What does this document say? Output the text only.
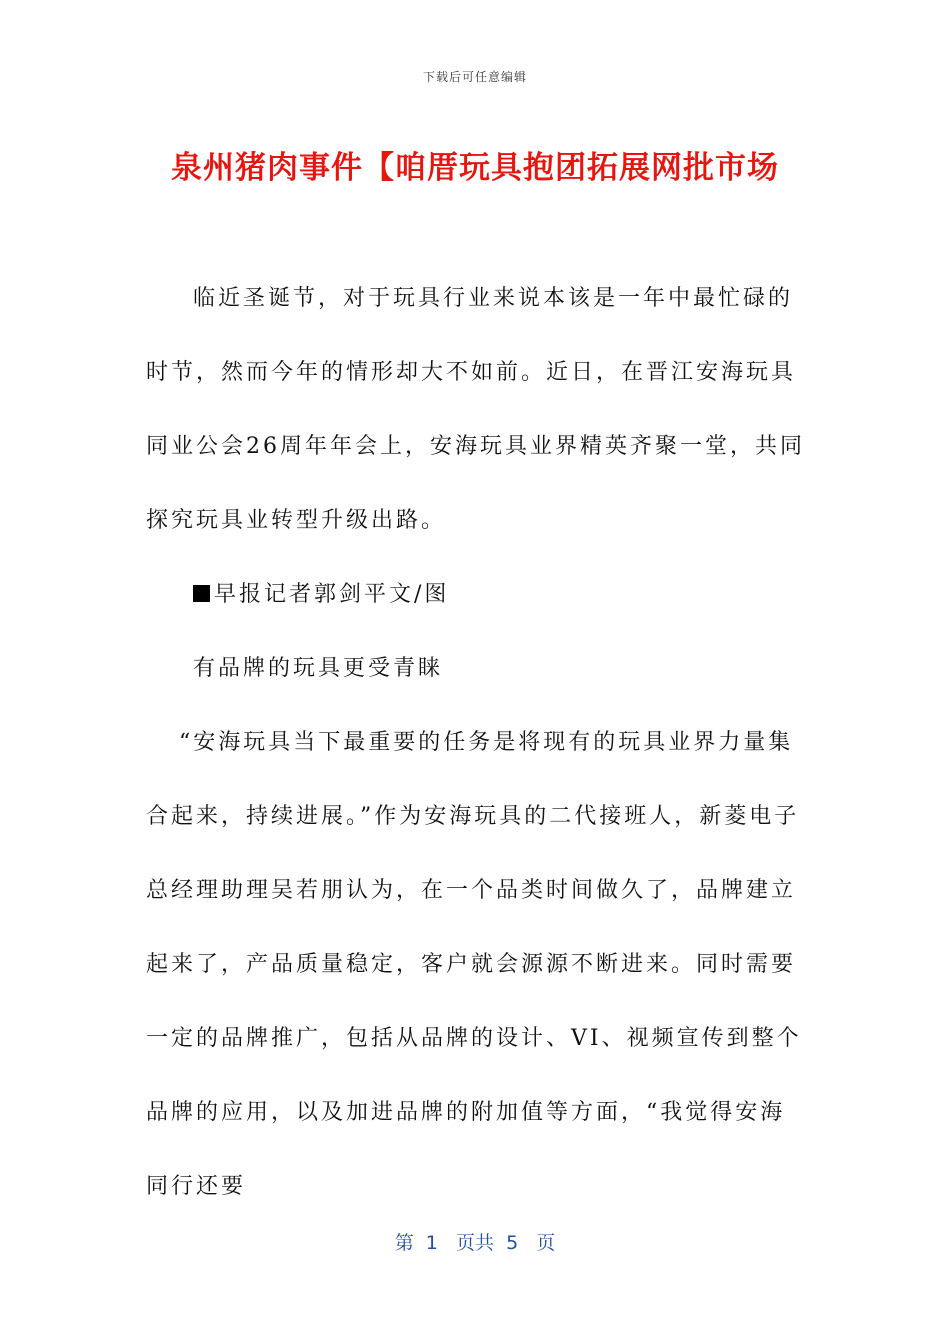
下载后可任意编辑
泉州猪肉事件【咱厝玩具抱团拓展网批市场

临近圣诞节，对于玩具行业来说本该是一年中最忙碌的时节，然而今年的情形却大不如前。近日，在晋江安海玩具同业公会26周年年会上，安海玩具业界精英齐聚一堂，共同探究玩具业转型升级出路。

早报记者郭剑平文/图

有品牌的玩具更受青睐

“安海玩具当下最重要的任务是将现有的玩具业界力量集合起来，持续进展。”作为安海玩具的二代接班人，新菱电子总经理助理吴若朋认为，在一个品类时间做久了，品牌建立起来了，产品质量稳定，客户就会源源不断进来。同时需要一定的品牌推广，包括从品牌的设计、VI、视频宣传到整个品牌的应用，以及加进品牌的附加值等方面，“我觉得安海同行还要

第  1   页共  5   页
